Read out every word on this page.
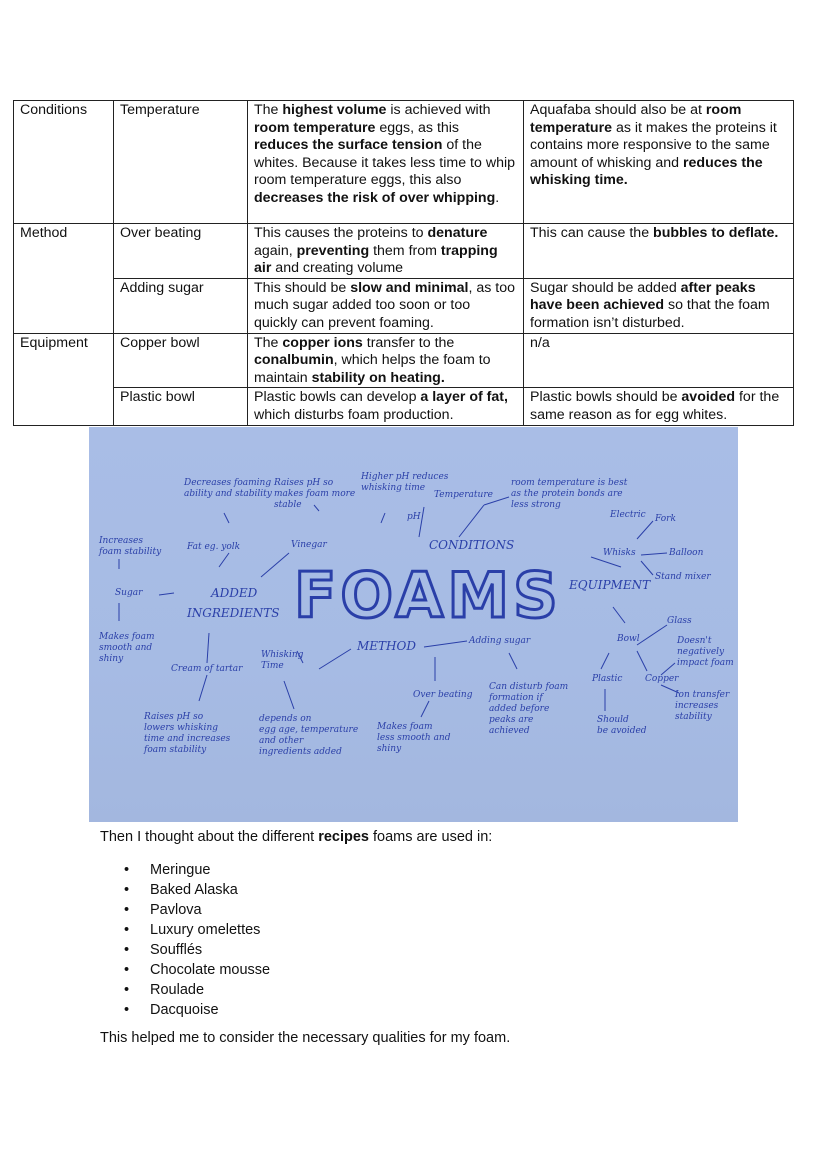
Conditions	Temperature	The highest volume is achieved with room temperature eggs, as this reduces the surface tension of the whites. Because it takes less time to whip room temperature eggs, this also decreases the risk of over whipping.	Aquafaba should also be at room temperature as it makes the proteins it contains more responsive to the same amount of whisking and reduces the whisking time.
Method	Over beating	This causes the proteins to denature again, preventing them from trapping air and creating volume	This can cause the bubbles to deflate.
	Adding sugar	This should be slow and minimal, as too much sugar added too soon or too quickly can prevent foaming.	Sugar should be added after peaks have been achieved so that the foam formation isn’t disturbed.
Equipment	Copper bowl	The copper ions transfer to the conalbumin, which helps the foam to maintain stability on heating.	n/a
	Plastic bowl	Plastic bowls can develop a layer of fat, which disturbs foam production.	Plastic bowls should be avoided for the same reason as for egg whites.
FOAMS
CONDITIONS
EQUIPMENT
METHOD
ADDED
INGREDIENTS
Decreases foaming ability and stability
Raises pH so makes foam more stable
Higher pH reduces whisking time
Temperature
pH
room temperature is best as the protein bonds are less strong
Electric Fork
Whisks	Balloon
Stand mixer
Increases foam stability	Fat eg. yolk	Vinegar
Sugar
Makes foam smooth and shiny
Cream of tartar
Whisking Time
Raises pH so lowers whisking time and increases foam stability
depends on egg age, temperature and other ingredients added
Adding sugar
Over beating
Makes foam less smooth and shiny
Can disturb foam formation if added before peaks are achieved
Glass
Bowl
Plastic	Copper
Should be avoided
Doesn't negatively impact foam
Ion transfer increases stability
Then I thought about the different recipes foams are used in:
• Meringue
• Baked Alaska
• Pavlova
• Luxury omelettes
• Soufflés
• Chocolate mousse
• Roulade
• Dacquoise
This helped me to consider the necessary qualities for my foam.
